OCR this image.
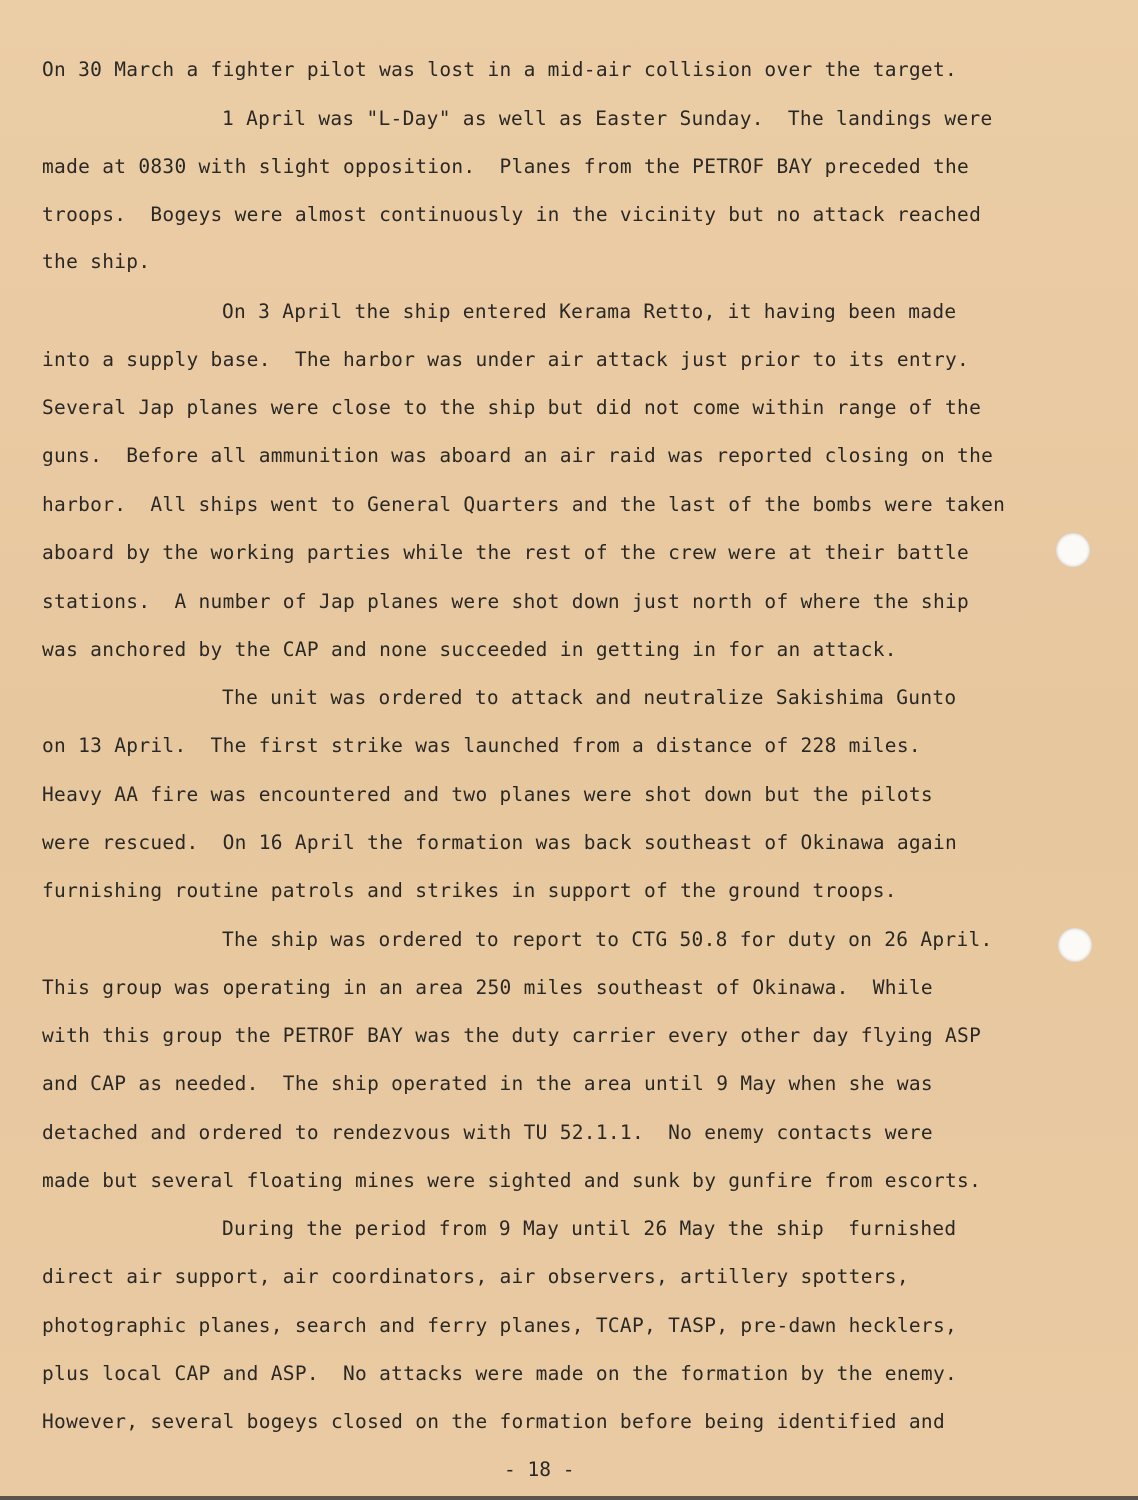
On 30 March a fighter pilot was lost in a mid-air collision over the target.
1 April was "L-Day" as well as Easter Sunday.  The landings were
made at 0830 with slight opposition.  Planes from the PETROF BAY preceded the
troops.  Bogeys were almost continuously in the vicinity but no attack reached
the ship.
On 3 April the ship entered Kerama Retto, it having been made
into a supply base.  The harbor was under air attack just prior to its entry.
Several Jap planes were close to the ship but did not come within range of the
guns.  Before all ammunition was aboard an air raid was reported closing on the
harbor.  All ships went to General Quarters and the last of the bombs were taken
aboard by the working parties while the rest of the crew were at their battle
stations.  A number of Jap planes were shot down just north of where the ship
was anchored by the CAP and none succeeded in getting in for an attack.
The unit was ordered to attack and neutralize Sakishima Gunto
on 13 April.  The first strike was launched from a distance of 228 miles.
Heavy AA fire was encountered and two planes were shot down but the pilots
were rescued.  On 16 April the formation was back southeast of Okinawa again
furnishing routine patrols and strikes in support of the ground troops.
The ship was ordered to report to CTG 50.8 for duty on 26 April.
This group was operating in an area 250 miles southeast of Okinawa.  While
with this group the PETROF BAY was the duty carrier every other day flying ASP
and CAP as needed.  The ship operated in the area until 9 May when she was
detached and ordered to rendezvous with TU 52.1.1.  No enemy contacts were
made but several floating mines were sighted and sunk by gunfire from escorts.
During the period from 9 May until 26 May the ship  furnished
direct air support, air coordinators, air observers, artillery spotters,
photographic planes, search and ferry planes, TCAP, TASP, pre-dawn hecklers,
plus local CAP and ASP.  No attacks were made on the formation by the enemy.
However, several bogeys closed on the formation before being identified and
- 18 -
